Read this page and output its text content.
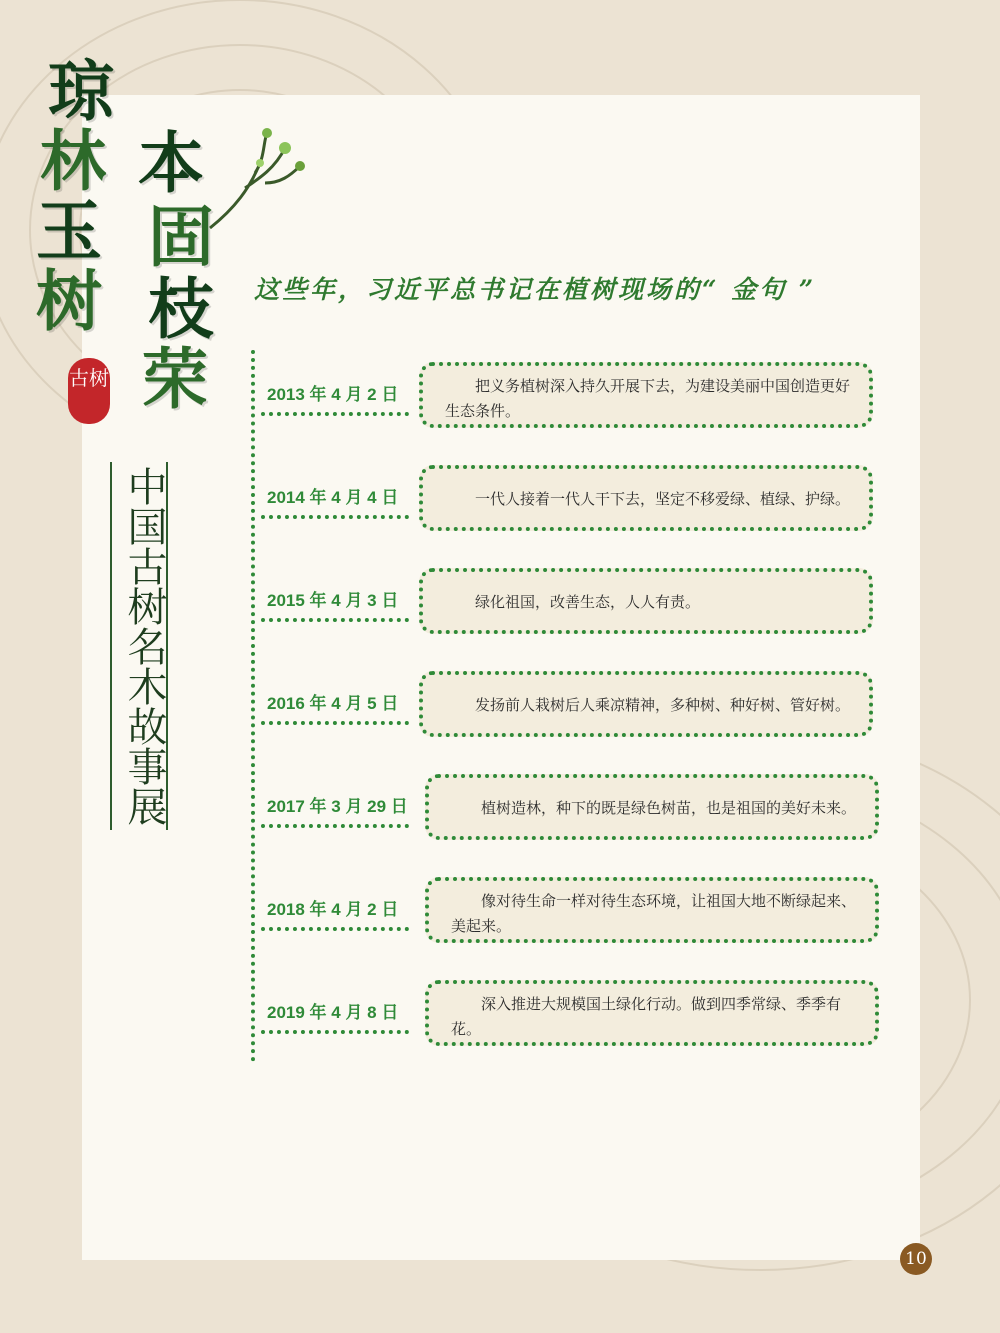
琼
林
玉
树
本
固
枝
荣
古树
中国古树名木故事展
这些年，习近平总书记在植树现场的“ 金句 ”
2013 年 4 月 2 日	把义务植树深入持久开展下去，为建设美丽中国创造更好生态条件。
2014 年 4 月 4 日	一代人接着一代人干下去，坚定不移爱绿、植绿、护绿。
2015 年 4 月 3 日	绿化祖国，改善生态，人人有责。
2016 年 4 月 5 日	发扬前人栽树后人乘凉精神，多种树、种好树、管好树。
2017 年 3 月 29 日	植树造林，种下的既是绿色树苗，也是祖国的美好未来。
2018 年 4 月 2 日	像对待生命一样对待生态环境，让祖国大地不断绿起来、美起来。
2019 年 4 月 8 日	深入推进大规模国土绿化行动。做到四季常绿、季季有花。
10
